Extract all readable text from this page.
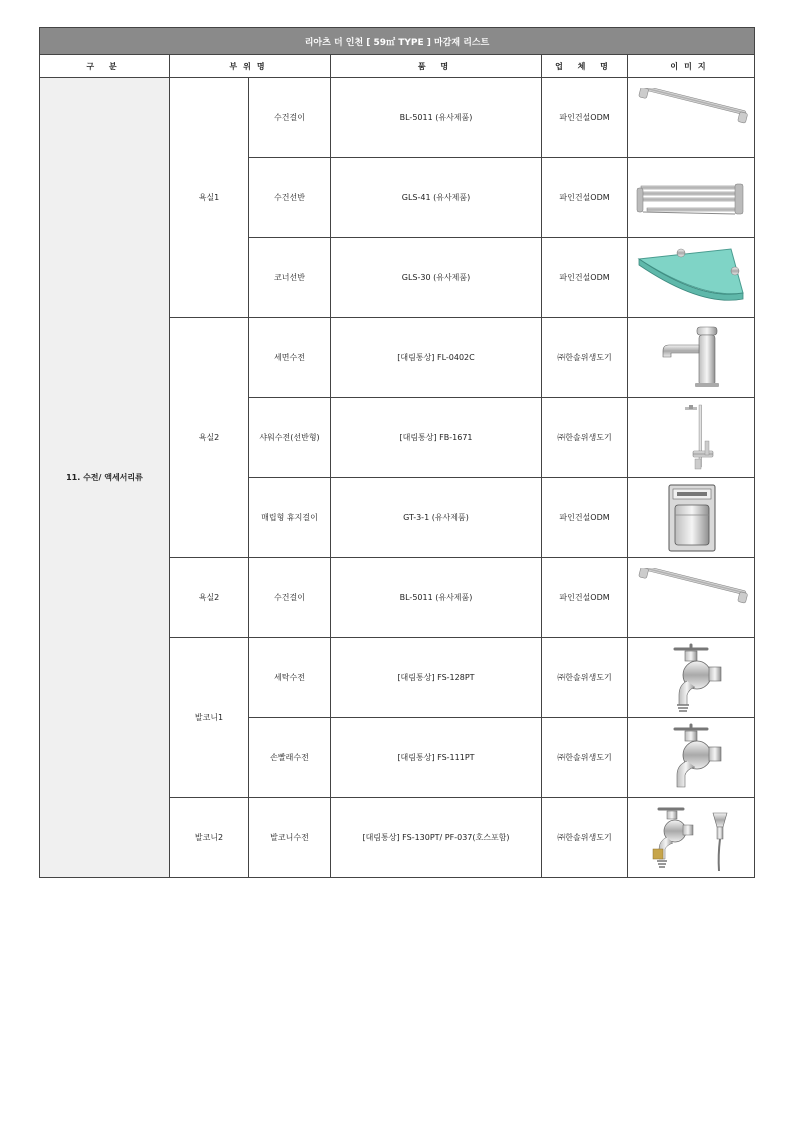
리아츠 더 인천 [ 59㎡ TYPE ] 마감재 리스트					
구 분	부위명		품 명	업 체 명	이미지
11. 수전/ 액세서리류	욕실1	수건걸이	BL-5011 (유사제품)	파인건설ODM	

		수건선반	GLS-41 (유사제품)	파인건설ODM	

		코너선반	GLS-30 (유사제품)	파인건설ODM	

	욕실2	세면수전	[대림통상] FL-0402C	㈜한솔위생도기	

		샤워수전(선반형)	[대림통상] FB-1671	㈜한솔위생도기	

		매립형 휴지걸이	GT-3-1 (유사제품)	파인건설ODM	

	욕실2	수건걸이	BL-5011 (유사제품)	파인건설ODM	

	발코니1	세탁수전	[대림통상] FS-128PT	㈜한솔위생도기	

		손빨래수전	[대림통상] FS-111PT	㈜한솔위생도기	

	발코니2	발코니수전	[대림통상] FS-130PT/ PF-037(호스포함)	㈜한솔위생도기	
